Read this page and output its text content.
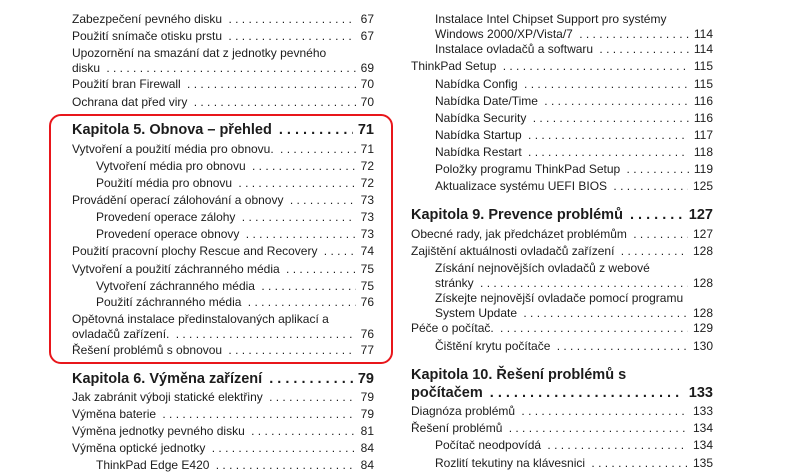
Zabezpečení pevného disku	67
. . .
Použití snímače otisku prstu	67
. . .
Upozornění na smazání dat z jednotky pevného
disku . . .	69
Použití bran Firewall	70
. . .
Ochrana dat před viry	70
. . .
Kapitola 5. Obnova – přehled	71
. . .
Vytvoření a použití média pro obnovu.	71
. . .
Vytvoření média pro obnovu	72
. . .
Použití média pro obnovu	72
. . .
Provádění operací zálohování a obnovy	73
. . .
Provedení operace zálohy	73
. . .
Provedení operace obnovy	73
. . .
Použití pracovní plochy Rescue and Recovery	74
. . .
Vytvoření a použití záchranného média	75
. . .
Vytvoření záchranného média	75
. . .
Použití záchranného média	76
. . .
Opětovná instalace předinstalovaných aplikací a
ovladačů zařízení. . . .	76
Řešení problémů s obnovou	77
. . .
Kapitola 6. Výměna zařízení	79
. . .
Jak zabránit výboji statické elektřiny	79
. . .
Výměna baterie	79
. . .
Výměna jednotky pevného disku	81
. . .
Výměna optické jednotky	84
. . .
ThinkPad Edge E420	84
. . .
Instalace Intel Chipset Support pro systémy
Windows 2000/XP/Vista/7 . . .	114
Instalace ovladačů a softwaru	114
. . .
ThinkPad Setup	115
. . .
Nabídka Config	115
. . .
Nabídka Date/Time	116
. . .
Nabídka Security	116
. . .
Nabídka Startup	117
. . .
Nabídka Restart	118
. . .
Položky programu ThinkPad Setup	119
. . .
Aktualizace systému UEFI BIOS	125
. . .
Kapitola 9. Prevence problémů	127
. . .
Obecné rady, jak předcházet problémům	127
. . .
Zajištění aktuálnosti ovladačů zařízení	128
. . .
Získání nejnovějších ovladačů z webové
stránky . . .	128
Získejte nejnovější ovladače pomocí programu
System Update . . .	128
Péče o počítač.	129
. . .
Čištění krytu počítače	130
. . .
Kapitola 10. Řešení problémů s
počítačem . . .	133
Diagnóza problémů	133
. . .
Řešení problémů	134
. . .
Počítač neodpovídá	134
. . .
Rozlití tekutiny na klávesnici	135
. . .
